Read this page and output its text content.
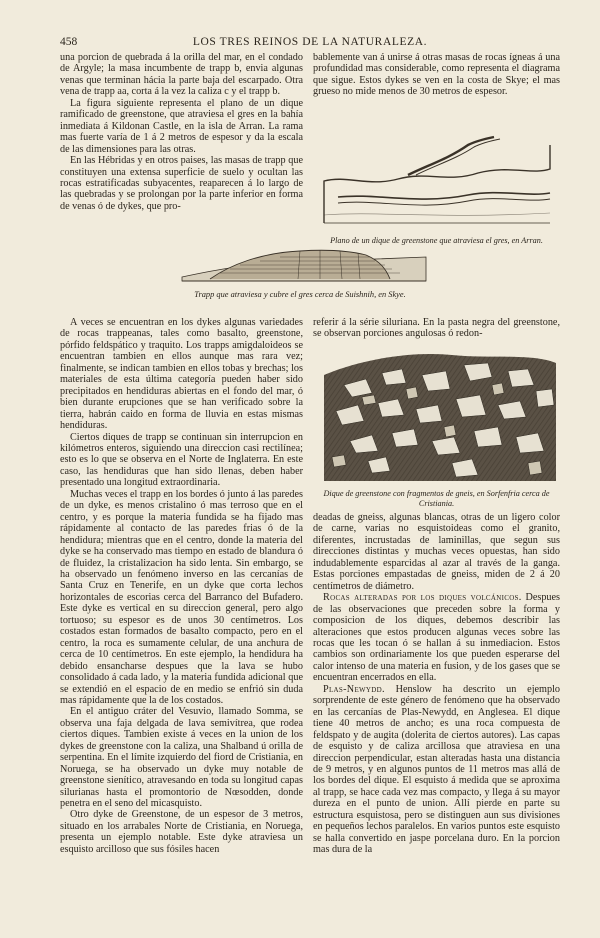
458	LOS TRES REINOS DE LA NATURALEZA.

una porcion de quebrada á la orilla del mar, en el condado de Argyle; la masa incumbente de trapp b, envia algunas venas que terminan hácia la parte baja del escarpado. Otra vena de trapp aa, corta á la vez la caliza c y el trapp b.

La figura siguiente representa el plano de un dique ramificado de greenstone, que atraviesa el gres en la bahía inmediata á Kildonan Castle, en la isla de Arran. La rama mas fuerte varía de 1 á 2 metros de espesor y da la escala de las dimensiones para las otras.

En las Hébridas y en otros paises, las masas de trapp que constituyen una extensa superficie de suelo y ocultan las rocas estratificadas subyacentes, reaparecen á lo largo de las quebradas y se prolongan por la parte inferior en forma de venas ó de dykes, que pro-

bablemente van á unirse á otras masas de rocas ígneas á una profundidad mas considerable, como representa el diagrama que sigue. Estos dykes se ven en la costa de Skye; el mas grueso no mide menos de 30 metros de espesor.

Plano de un dique de greenstone que atraviesa el gres, en Arran.
Trapp que atraviesa y cubre el gres cerca de Suishnih, en Skye.

A veces se encuentran en los dykes algunas variedades de rocas trappeanas, tales como basalto, greenstone, pórfido feldspático y traquito. Los trapps amigdaloideos se encuentran tambien en ellos aunque mas rara vez; finalmente, se indican tambien en ellos tobas y brechas; los materiales de esta última categoría pueden haber sido precipitados en hendiduras abiertas en el fondo del mar, ó bien durante erupciones que se han verificado sobre la tierra, habrán caido en forma de lluvia en estas mismas hendiduras.

Ciertos diques de trapp se continuan sin interrupcion en kilómetros enteros, siguiendo una direccion casi rectilínea; esto es lo que se observa en el Norte de Inglaterra. En este caso, las hendiduras que han sido llenas, deben haber presentado una longitud extraordinaria.

Muchas veces el trapp en los bordes ó junto á las paredes de un dyke, es menos cristalino ó mas terroso que en el centro, y es porque la materia fundida se ha fijado mas rápidamente al contacto de las paredes frias ó de la hendidura; mientras que en el centro, donde la materia del dyke se ha conservado mas tiempo en estado de blandura ó de fluidez, la cristalizacion ha sido lenta. Sin embargo, se ha observado un fenómeno inverso en las cercanías de Santa Cruz en Tenerife, en un dyke que corta lechos horizontales de escorias cerca del Barranco del Bufadero. Este dyke es vertical en su direccion general, pero algo tortuoso; su espesor es de unos 30 centímetros. Los costados estan formados de basalto compacto, pero en el centro, la roca es sumamente celular, de una anchura de cerca de 10 centímetros. En este ejemplo, la hendidura ha debido ensancharse despues que la lava se hubo consolidado á cada lado, y la materia fundida adicional que se extendió en el espacio de en medio se enfrió sin duda mas rápidamente que la de los costados.

En el antiguo cráter del Vesuvio, llamado Somma, se observa una faja delgada de lava semivítrea, que rodea ciertos diques. Tambien existe á veces en la union de los dykes de greenstone con la caliza, una Shalband ú orilla de serpentina. En el límite izquierdo del fiord de Cristiania, en Noruega, se ha observado un dyke muy notable de greenstone sienítico, atravesando en toda su longitud capas silurianas hasta el promontorio de Nœsodden, donde penetra en el seno del micasquisto.

Otro dyke de Greenstone, de un espesor de 3 metros, situado en los arrabales Norte de Cristiania, en Noruega, presenta un ejemplo notable. Este dyke atraviesa un esquisto arcilloso que sus fósiles hacen

referir á la série siluriana. En la pasta negra del greenstone, se observan porciones angulosas ó redon-

Dique de greenstone con fragmentos de gneis, en Sorfenfria cerca de Cristiania.

deadas de gneiss, algunas blancas, otras de un ligero color de carne, varias no esquistoideas como el granito, diferentes, incrustadas de laminillas, que segun sus direcciones distintas y muchas veces opuestas, han sido indudablemente esparcidas al azar al través de la ganga. Estas porciones empastadas de gneiss, miden de 2 á 20 centímetros de diámetro.

Rocas alteradas por los diques volcánicos. Despues de las observaciones que preceden sobre la forma y composicion de los diques, debemos describir las alteraciones que estos producen algunas veces sobre las rocas que les tocan ó se hallan á su inmediacion. Estos cambios son ordinariamente los que pueden esperarse del calor intenso de una materia en fusion, y de los gases que se encuentran encerrados en ella.

Plas-Newydd. Henslow ha descrito un ejemplo sorprendente de este género de fenómeno que ha observado en las cercanías de Plas-Newydd, en Anglesea. El dique tiene 40 metros de ancho; es una roca compuesta de feldspato y de augita (dolerita de ciertos autores). Las capas de esquisto y de caliza arcillosa que atraviesa en una direccion perpendicular, estan alteradas hasta una distancia de 9 metros, y en algunos puntos de 11 metros mas allá de los bordes del dique. El esquisto á medida que se aproxima al trapp, se hace cada vez mas compacto, y llega á su mayor dureza en el punto de union. Allí pierde en parte su estructura esquistosa, pero se distinguen aun sus divisiones en pequeños lechos paralelos. En varios puntos este esquisto se halla convertido en jaspe porcelana duro. En la porcion mas dura de la
